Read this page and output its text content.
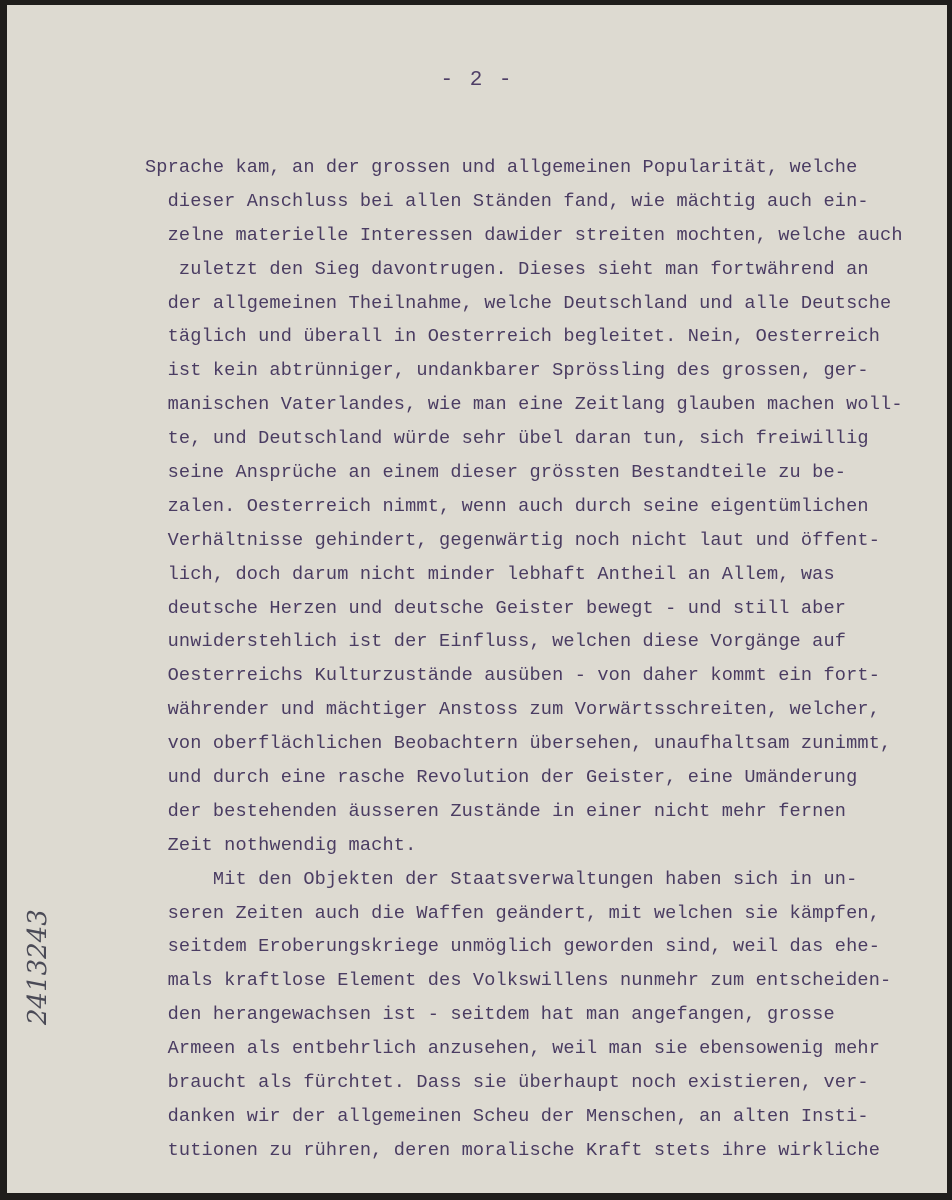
- 2 -
Sprache kam, an der grossen und allgemeinen Popularität, welche
dieser Anschluss bei allen Ständen fand, wie mächtig auch ein-
zelne materielle Interessen dawider streiten mochten, welche auch
zuletzt den Sieg davontrugen. Dieses sieht man fortwährend an
der allgemeinen Theilnahme, welche Deutschland und alle Deutsche
täglich und überall in Oesterreich begleitet. Nein, Oesterreich
ist kein abtrünniger, undankbarer Sprössling des grossen, ger-
manischen Vaterlandes, wie man eine Zeitlang glauben machen woll-
te, und Deutschland würde sehr übel daran tun, sich freiwillig
seine Ansprüche an einem dieser grössten Bestandteile zu be-
zalen. Oesterreich nimmt, wenn auch durch seine eigentümlichen
Verhältnisse gehindert, gegenwärtig noch nicht laut und öffent-
lich, doch darum nicht minder lebhaft Antheil an Allem, was
deutsche Herzen und deutsche Geister bewegt - und still aber
unwiderstehlich ist der Einfluss, welchen diese Vorgänge auf
Oesterreichs Kulturzustände ausüben - von daher kommt ein fort-
währender und mächtiger Anstoss zum Vorwärtsschreiten, welcher,
von oberflächlichen Beobachtern übersehen, unaufhaltsam zunimmt,
und durch eine rasche Revolution der Geister, eine Umänderung
der bestehenden äusseren Zustände in einer nicht mehr fernen
Zeit nothwendig macht.
Mit den Objekten der Staatsverwaltungen haben sich in un-
seren Zeiten auch die Waffen geändert, mit welchen sie kämpfen,
seitdem Eroberungskriege unmöglich geworden sind, weil das ehe-
mals kraftlose Element des Volkswillens nunmehr zum entscheiden-
den herangewachsen ist - seitdem hat man angefangen, grosse
Armeen als entbehrlich anzusehen, weil man sie ebensowenig mehr
braucht als fürchtet. Dass sie überhaupt noch existieren, ver-
danken wir der allgemeinen Scheu der Menschen, an alten Insti-
tutionen zu rühren, deren moralische Kraft stets ihre wirkliche
2413243
